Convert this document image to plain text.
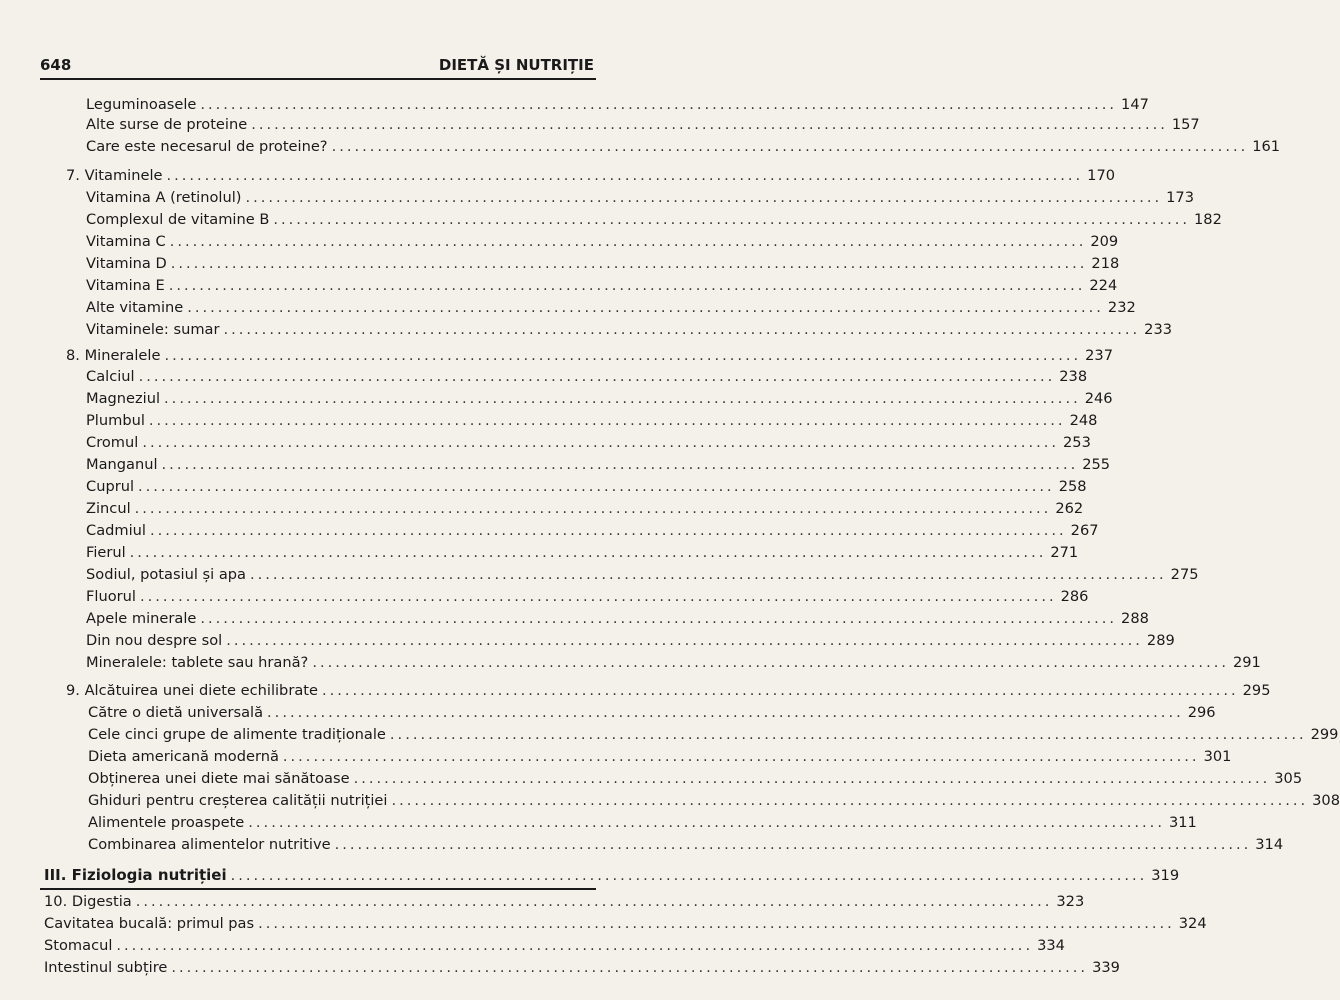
648	DIETĂ ȘI NUTRIȚIE
Leguminoasele ........................................................................................................................ 147
Alte surse de proteine ........................................................................................................................ 157
Care este necesarul de proteine? ........................................................................................................................ 161
7. Vitaminele ........................................................................................................................ 170
Vitamina A (retinolul) ........................................................................................................................ 173
Complexul de vitamine B ........................................................................................................................ 182
Vitamina C ........................................................................................................................ 209
Vitamina D ........................................................................................................................ 218
Vitamina E ........................................................................................................................ 224
Alte vitamine ........................................................................................................................ 232
Vitaminele: sumar ........................................................................................................................ 233
8. Mineralele ........................................................................................................................ 237
Calciul ........................................................................................................................ 238
Magneziul ........................................................................................................................ 246
Plumbul ........................................................................................................................ 248
Cromul ........................................................................................................................ 253
Manganul ........................................................................................................................ 255
Cuprul ........................................................................................................................ 258
Zincul ........................................................................................................................ 262
Cadmiul ........................................................................................................................ 267
Fierul ........................................................................................................................ 271
Sodiul, potasiul și apa ........................................................................................................................ 275
Fluorul ........................................................................................................................ 286
Apele minerale ........................................................................................................................ 288
Din nou despre sol ........................................................................................................................ 289
Mineralele: tablete sau hrană? ........................................................................................................................ 291
9. Alcătuirea unei diete echilibrate ........................................................................................................................ 295
Către o dietă universală ........................................................................................................................ 296
Cele cinci grupe de alimente tradiționale ........................................................................................................................ 299
Dieta americană modernă ........................................................................................................................ 301
Obținerea unei diete mai sănătoase ........................................................................................................................ 305
Ghiduri pentru creșterea calității nutriției ........................................................................................................................ 308
Alimentele proaspete ........................................................................................................................ 311
Combinarea alimentelor nutritive ........................................................................................................................ 314
III. Fiziologia nutriției ........................................................................................................................ 319
10. Digestia ........................................................................................................................ 323
Cavitatea bucală: primul pas ........................................................................................................................ 324
Stomacul ........................................................................................................................ 334
Intestinul subțire ........................................................................................................................ 339
